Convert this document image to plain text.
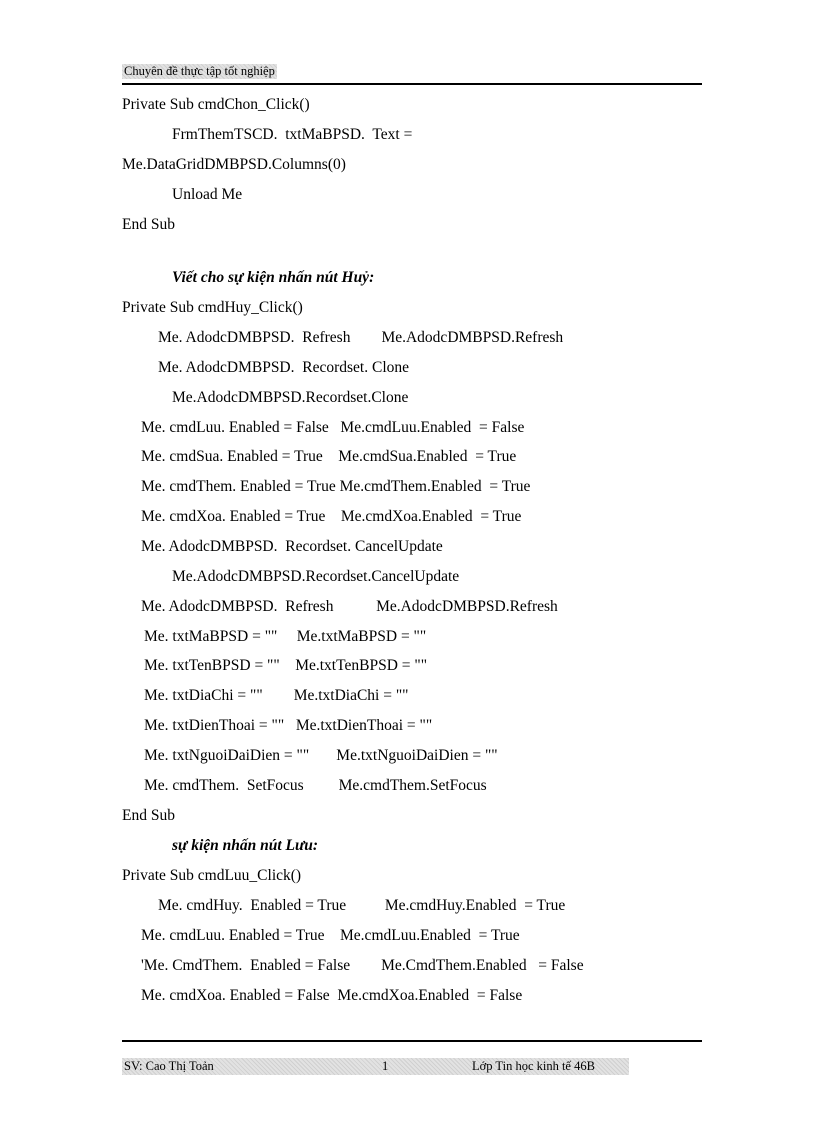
Chuyên đề thực tập tốt nghiệp
Private Sub cmdChon_Click()
FrmThemTSCD.  txtMaBPSD.  Text =
Me.DataGridDMBPSD.Columns(0)
Unload Me
End Sub
Viết cho sự kiện nhấn nút Huỷ:
Private Sub cmdHuy_Click()
Me. AdodcDMBPSD.  Refresh        Me.AdodcDMBPSD.Refresh
Me. AdodcDMBPSD.  Recordset. Clone
Me.AdodcDMBPSD.Recordset.Clone
Me. cmdLuu. Enabled = False   Me.cmdLuu.Enabled  = False
Me. cmdSua. Enabled = True    Me.cmdSua.Enabled  = True
Me. cmdThem. Enabled = True Me.cmdThem.Enabled  = True
Me. cmdXoa. Enabled = True    Me.cmdXoa.Enabled  = True
Me. AdodcDMBPSD.  Recordset. CancelUpdate
Me.AdodcDMBPSD.Recordset.CancelUpdate
Me. AdodcDMBPSD.  Refresh           Me.AdodcDMBPSD.Refresh
Me. txtMaBPSD = ""     Me.txtMaBPSD = ""
Me. txtTenBPSD = ""    Me.txtTenBPSD = ""
Me. txtDiaChi = ""        Me.txtDiaChi = ""
Me. txtDienThoai = ""   Me.txtDienThoai = ""
Me. txtNguoiDaiDien = ""       Me.txtNguoiDaiDien = ""
Me. cmdThem.  SetFocus         Me.cmdThem.SetFocus
End Sub
sự kiện nhấn nút Lưu:
Private Sub cmdLuu_Click()
Me. cmdHuy.  Enabled = True          Me.cmdHuy.Enabled  = True
Me. cmdLuu. Enabled = True    Me.cmdLuu.Enabled  = True
'Me. CmdThem.  Enabled = False        Me.CmdThem.Enabled   = False
Me. cmdXoa. Enabled = False  Me.cmdXoa.Enabled  = False
SV: Cao Thị Toản	1	Lớp Tin học kinh tế 46B
